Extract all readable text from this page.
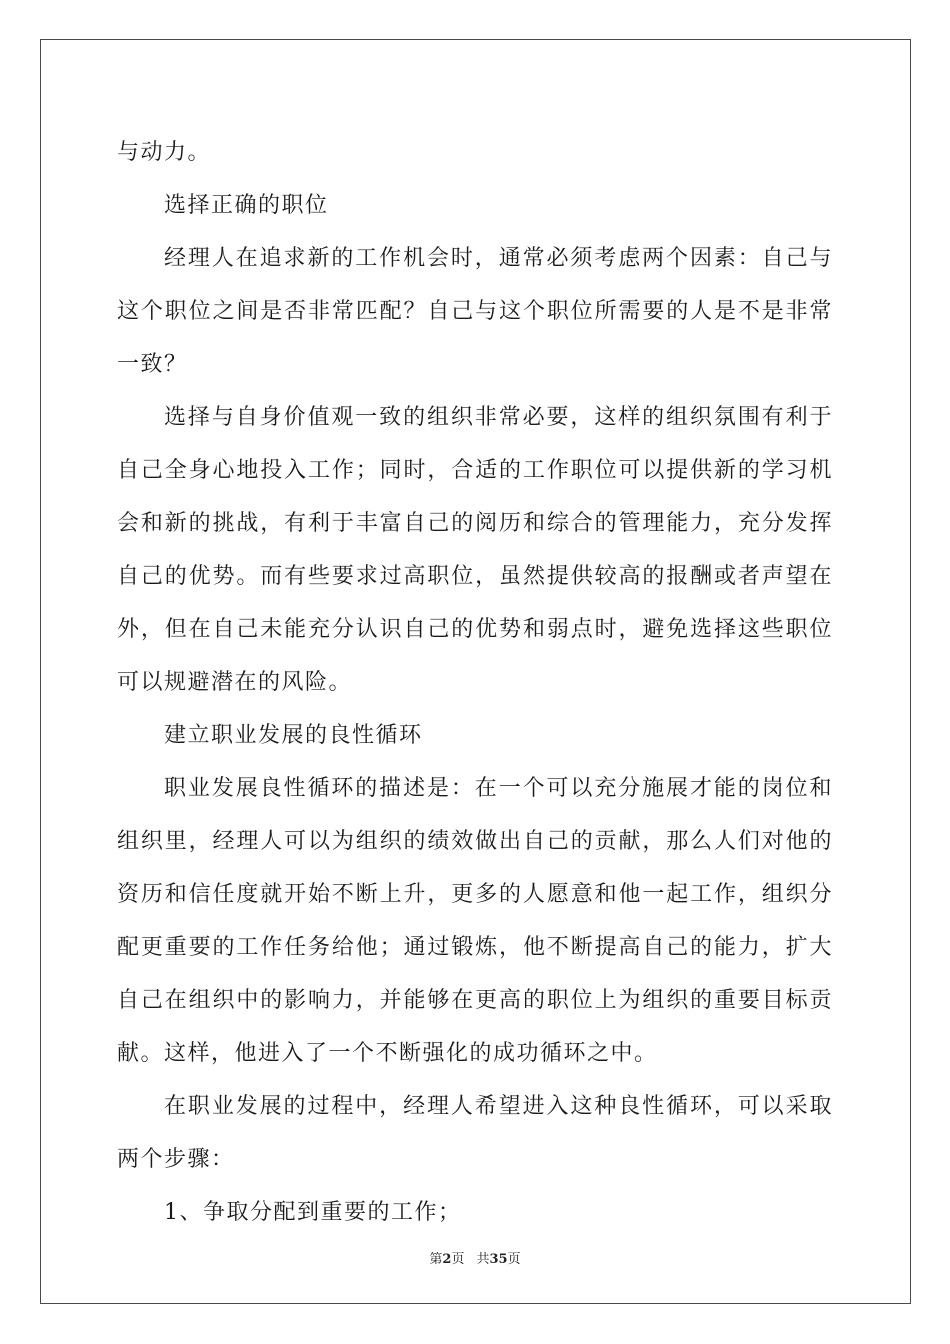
与动力。

选择正确的职位

经理人在追求新的工作机会时，通常必须考虑两个因素：自己与这个职位之间是否非常匹配？自己与这个职位所需要的人是不是非常一致？

选择与自身价值观一致的组织非常必要，这样的组织氛围有利于自己全身心地投入工作；同时，合适的工作职位可以提供新的学习机会和新的挑战，有利于丰富自己的阅历和综合的管理能力，充分发挥自己的优势。而有些要求过高职位，虽然提供较高的报酬或者声望在外，但在自己未能充分认识自己的优势和弱点时，避免选择这些职位可以规避潜在的风险。

建立职业发展的良性循环

职业发展良性循环的描述是：在一个可以充分施展才能的岗位和组织里，经理人可以为组织的绩效做出自己的贡献，那么人们对他的资历和信任度就开始不断上升，更多的人愿意和他一起工作，组织分配更重要的工作任务给他；通过锻炼，他不断提高自己的能力，扩大自己在组织中的影响力，并能够在更高的职位上为组织的重要目标贡献。这样，他进入了一个不断强化的成功循环之中。

在职业发展的过程中，经理人希望进入这种良性循环，可以采取两个步骤：

1、争取分配到重要的工作；

第2页 共35页
